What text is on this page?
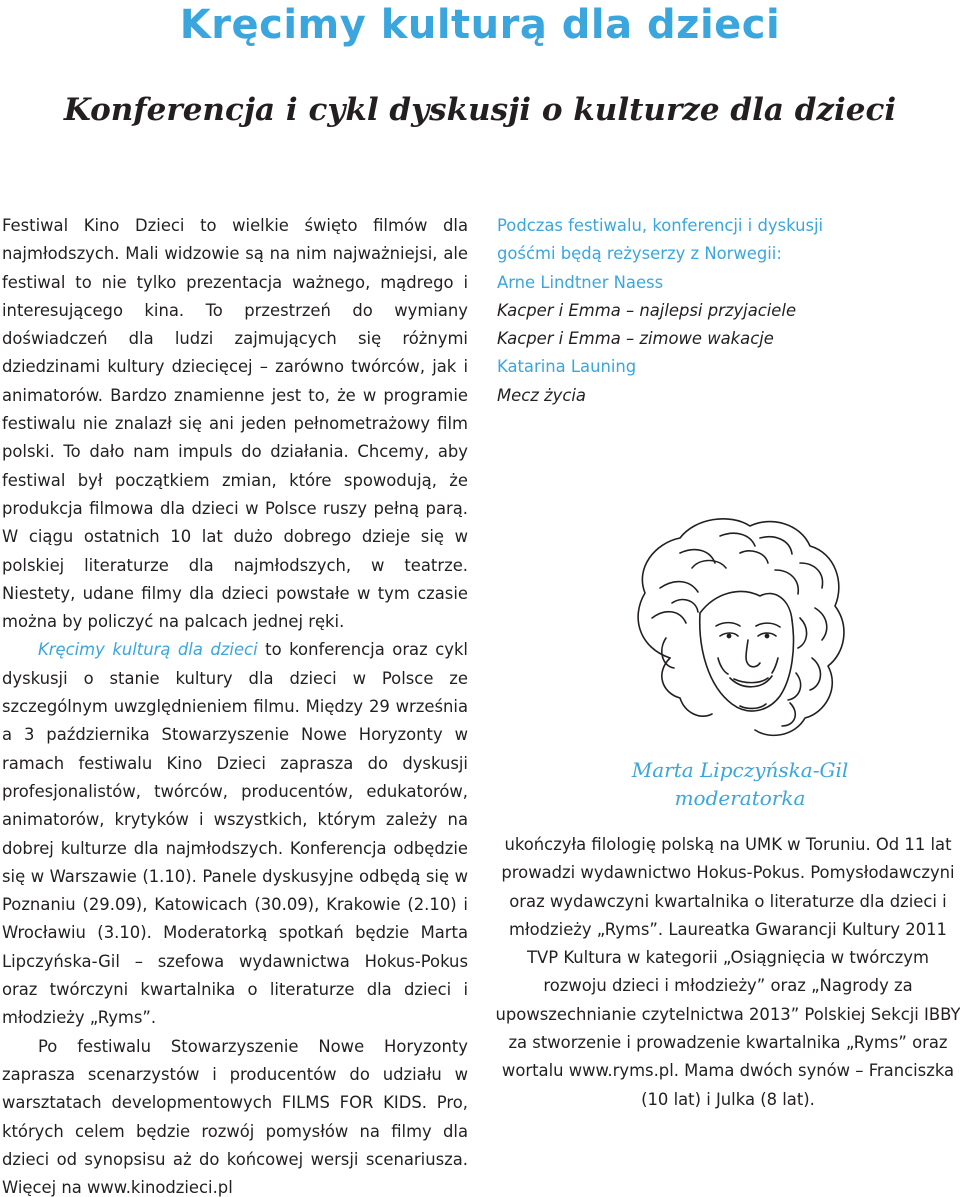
Kręcimy kulturą dla dzieci
Konferencja i cykl dyskusji o kulturze dla dzieci

Festiwal Kino Dzieci to wielkie święto filmów dla najmłodszych. Mali widzowie są na nim najważniejsi, ale festiwal to nie tylko prezentacja ważnego, mądrego i interesującego kina. To przestrzeń do wymiany doświadczeń dla ludzi zajmujących się różnymi dziedzinami kultury dziecięcej – zarówno twórców, jak i animatorów. Bardzo znamienne jest to, że w programie festiwalu nie znalazł się ani jeden pełnometrażowy film polski. To dało nam impuls do działania. Chcemy, aby festiwal był początkiem zmian, które spowodują, że produkcja filmowa dla dzieci w Polsce ruszy pełną parą. W ciągu ostatnich 10 lat dużo dobrego dzieje się w polskiej literaturze dla najmłodszych, w teatrze. Niestety, udane filmy dla dzieci powstałe w tym czasie można by policzyć na palcach jednej ręki.

Kręcimy kulturą dla dzieci to konferencja oraz cykl dyskusji o stanie kultury dla dzieci w Polsce ze szczególnym uwzględnieniem filmu. Między 29 września a 3 października Stowarzyszenie Nowe Horyzonty w ramach festiwalu Kino Dzieci zaprasza do dyskusji profesjonalistów, twórców, producentów, edukatorów, animatorów, krytyków i wszystkich, którym zależy na dobrej kulturze dla najmłodszych. Konferencja odbędzie się w Warszawie (1.10). Panele dyskusyjne odbędą się w Poznaniu (29.09), Katowicach (30.09), Krakowie (2.10) i Wrocławiu (3.10). Moderatorką spotkań będzie Marta Lipczyńska-Gil – szefowa wydawnictwa Hokus-Pokus oraz twórczyni kwartalnika o literaturze dla dzieci i młodzieży „Ryms”.

Po festiwalu Stowarzyszenie Nowe Horyzonty zaprasza scenarzystów i producentów do udziału w warsztatach developmentowych FILMS FOR KIDS. Pro, których celem będzie rozwój pomysłów na filmy dla dzieci od synopsisu aż do końcowej wersji scenariusza. Więcej na www.kinodzieci.pl

Podczas festiwalu, konferencji i dyskusji
gośćmi będą reżyserzy z Norwegii:
Arne Lindtner Naess
Kacper i Emma – najlepsi przyjaciele
Kacper i Emma – zimowe wakacje
Katarina Launing
Mecz życia

Marta Lipczyńska-Gil

moderatorka

ukończyła filologię polską na UMK w Toruniu. Od 11 lat prowadzi wydawnictwo Hokus-Pokus. Pomysłodawczyni oraz wydawczyni kwartalnika o literaturze dla dzieci i młodzieży „Ryms”. Laureatka Gwarancji Kultury 2011 TVP Kultura w kategorii „Osiągnięcia w twórczym rozwoju dzieci i młodzieży” oraz „Nagrody za upowszechnianie czytelnictwa 2013” Polskiej Sekcji IBBY za stworzenie i prowadzenie kwartalnika „Ryms” oraz wortalu www.ryms.pl. Mama dwóch synów – Franciszka (10 lat) i Julka (8 lat).
